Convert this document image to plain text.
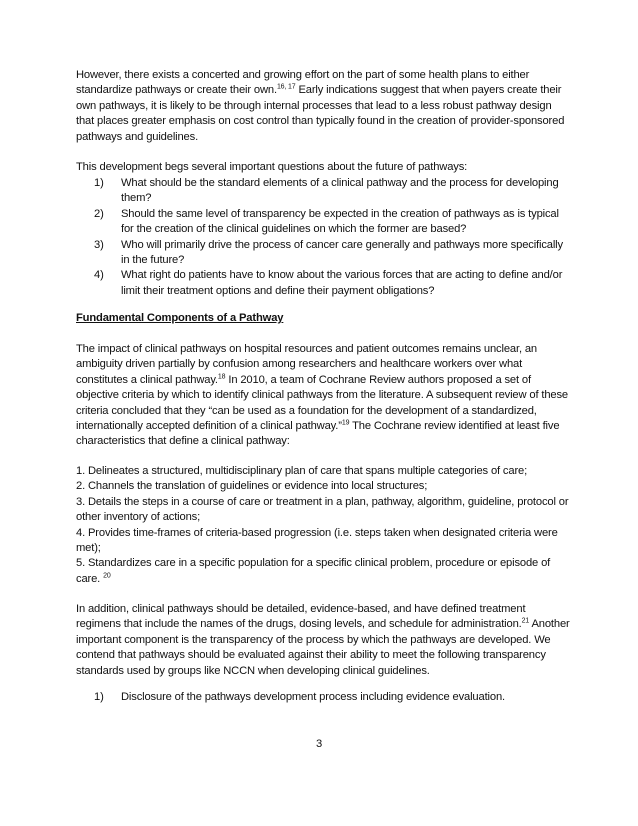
However, there exists a concerted and growing effort on the part of some health plans to either standardize pathways or create their own.$^{16, 17}$ Early indications suggest that when payers create their own pathways, it is likely to be through internal processes that lead to a less robust pathway design that places greater emphasis on cost control than typically found in the creation of provider-sponsored pathways and guidelines.

This development begs several important questions about the future of pathways:

1) What should be the standard elements of a clinical pathway and the process for developing them?
2) Should the same level of transparency be expected in the creation of pathways as is typical for the creation of the clinical guidelines on which the former are based?
3) Who will primarily drive the process of cancer care generally and pathways more specifically in the future?
4) What right do patients have to know about the various forces that are acting to define and/or limit their treatment options and define their payment obligations?

Fundamental Components of a Pathway

The impact of clinical pathways on hospital resources and patient outcomes remains unclear, an ambiguity driven partially by confusion among researchers and healthcare workers over what constitutes a clinical pathway.$^{18}$ In 2010, a team of Cochrane Review authors proposed a set of objective criteria by which to identify clinical pathways from the literature. A subsequent review of these criteria concluded that they “can be used as a foundation for the development of a standardized, internationally accepted definition of a clinical pathway.”$^{19}$ The Cochrane review identified at least five characteristics that define a clinical pathway:

1. Delineates a structured, multidisciplinary plan of care that spans multiple categories of care;

2. Channels the translation of guidelines or evidence into local structures;

3. Details the steps in a course of care or treatment in a plan, pathway, algorithm, guideline, protocol or other inventory of actions;

4. Provides time-frames of criteria-based progression (i.e. steps taken when designated criteria were met);

5. Standardizes care in a specific population for a specific clinical problem, procedure or episode of care. $^{20}$

In addition, clinical pathways should be detailed, evidence-based, and have defined treatment regimens that include the names of the drugs, dosing levels, and schedule for administration.$^{21}$ Another important component is the transparency of the process by which the pathways are developed. We contend that pathways should be evaluated against their ability to meet the following transparency standards used by groups like NCCN when developing clinical guidelines.

1) Disclosure of the pathways development process including evidence evaluation.
3
